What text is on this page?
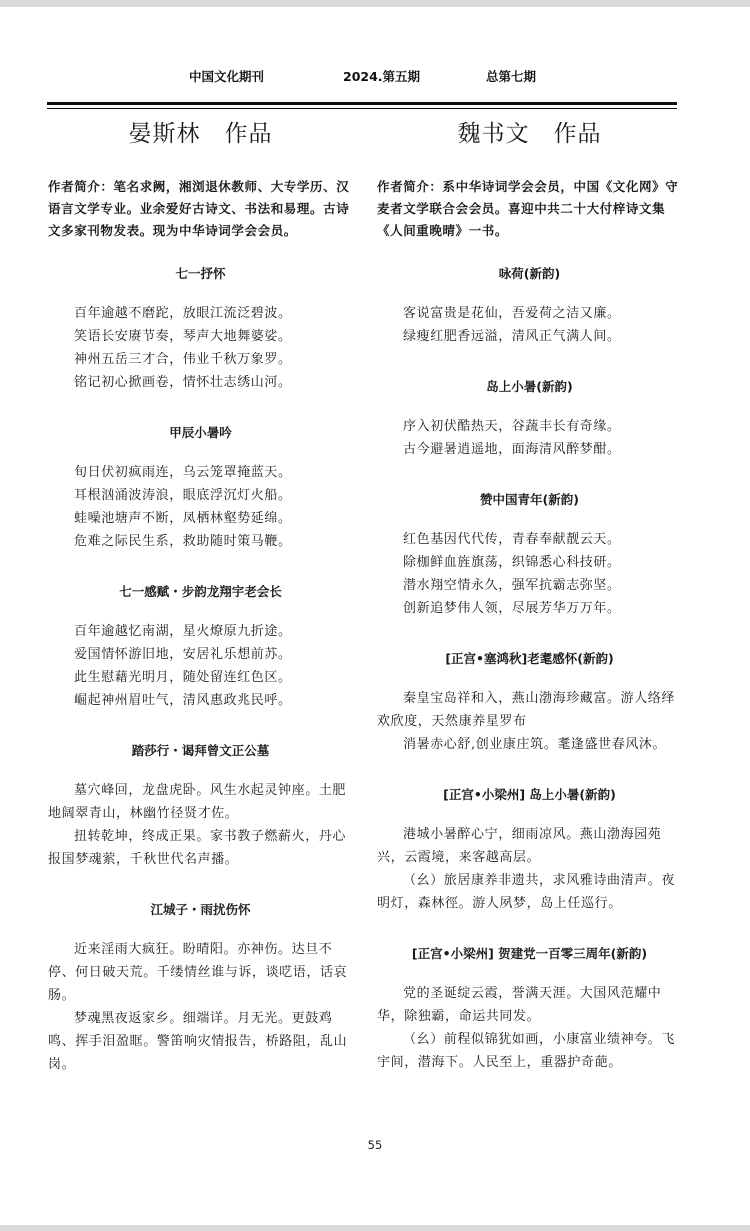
中国文化期刊	2024.第五期	总第七期
晏斯林　作品
作者简介：笔名求阙，湘浏退休教师、大专学历、汉语言文学专业。业余爱好古诗文、书法和易理。古诗文多家刊物发表。现为中华诗词学会会员。
七一抒怀
百年逾越不磨跎，放眼江流泛碧波。
笑语长安赓节奏，琴声大地舞婆娑。
神州五岳三才合，伟业千秋万象罗。
铭记初心掀画卷，情怀壮志绣山河。
甲辰小暑吟
旬日伏初疯雨连，乌云笼罩掩蓝天。
耳根汹涌波涛浪，眼底浮沉灯火船。
蛙噪池塘声不断，凤栖林壑势延绵。
危难之际民生系，救助随时策马鞭。
七一感赋・步韵龙翔宇老会长
百年逾越忆南湖，星火燎原九折途。
爱国情怀游旧地，安居礼乐想前苏。
此生慰藉光明月，随处留连红色区。
崛起神州眉吐气，清风惠政兆民呼。
踏莎行・谒拜曾文正公墓
墓穴峰回，龙盘虎卧。风生水起灵钟座。土肥地阔翠青山，林幽竹径贤才佐。
扭转乾坤，终成正果。家书教子燃薪火，丹心报国梦魂萦，千秋世代名声播。
江城子・雨扰伤怀
近来淫雨大疯狂。盼晴阳。亦神伤。达旦不停、何日破天荒。千缕情丝谁与诉，谈呓语，话哀肠。
梦魂黑夜返家乡。细端详。月无光。更鼓鸡鸣、挥手泪盈眶。警笛响灾情报告，桥路阻，乱山岗。
魏书文　作品
作者简介：系中华诗词学会会员，中国《文化网》守麦者文学联合会会员。喜迎中共二十大付梓诗文集《人间重晚晴》一书。
咏荷(新韵)
客说富贵是花仙，吾爱荷之洁又廉。
绿瘦红肥香远溢，清风正气满人间。
岛上小暑(新韵)
序入初伏酷热天，谷蔬丰长有奇缘。
古今避暑逍遥地，面海清风醉梦酣。
赞中国青年(新韵)
红色基因代代传，青春奉献靓云天。
除枷鲜血旌旗荡，织锦悉心科技研。
潜水翔空情永久，强军抗霸志弥坚。
创新追梦伟人领，尽展芳华万万年。
[正宫•塞鸿秋]老耄感怀(新韵)
秦皇宝岛祥和入，燕山渤海珍藏富。游人络绎欢欣度，天然康养星罗布
消暑赤心舒,创业康庄筑。耄逢盛世春风沐。
[正宫•小梁州] 岛上小暑(新韵)
港城小暑醉心宁，细雨凉风。燕山渤海园苑兴，云霞境，来客越高层。
（幺）旅居康养非遗共，求风雅诗曲清声。夜明灯，森林徑。游人夙梦，岛上任巡行。
[正宫•小梁州] 贺建党一百零三周年(新韵)
党的圣诞绽云霞，誉满天涯。大国风范耀中华，除独霸，命运共同发。
（幺）前程似锦犹如画，小康富业绩神夸。飞宇间，潜海下。人民至上，重器护奇葩。
55
